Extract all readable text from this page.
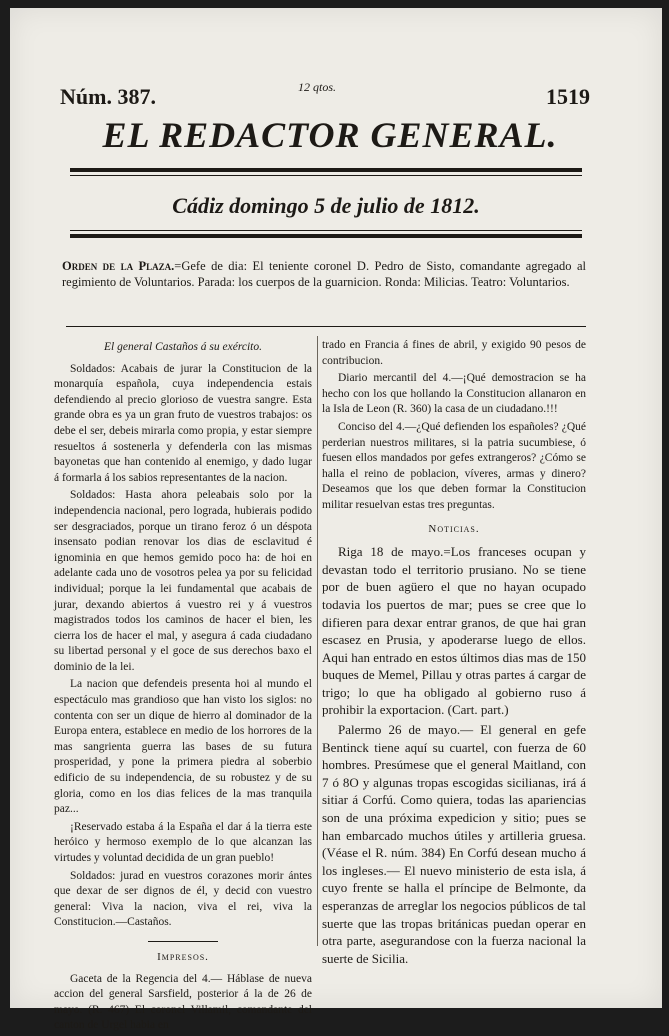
Núm. 387.	12 qtos.	1519
EL REDACTOR GENERAL.
Cádiz domingo 5 de julio de 1812.
Orden de la Plaza.=Gefe de dia: El teniente coronel D. Pedro de Sisto, comandante agregado al regimiento de Voluntarios. Parada: los cuerpos de la guarnicion. Ronda: Milicias. Teatro: Voluntarios.

El general Castaños á su exército.

Soldados: Acabais de jurar la Constitucion de la monarquía española, cuya independencia estais defendiendo al precio glorioso de vuestra sangre. Esta grande obra es ya un gran fruto de vuestros trabajos: os debe el ser, debeis mirarla como propia, y estar siempre resueltos á sostenerla y defenderla con las mismas bayonetas que han contenido al enemigo, y dado lugar á formarla á los sabios representantes de la nacion.

Soldados: Hasta ahora peleabais solo por la independencia nacional, pero lograda, hubierais podido ser desgraciados, porque un tirano feroz ó un déspota insensato podian renovar los dias de esclavitud é ignominia en que hemos gemido poco ha: de hoi en adelante cada uno de vosotros pelea ya por su felicidad individual; porque la lei fundamental que acabais de jurar, dexando abiertos á vuestro rei y á vuestros magistrados todos los caminos de hacer el bien, les cierra los de hacer el mal, y asegura á cada ciudadano su libertad personal y el goce de sus derechos baxo el dominio de la lei.

La nacion que defendeis presenta hoi al mundo el espectáculo mas grandioso que han visto los siglos: no contenta con ser un dique de hierro al dominador de la Europa entera, establece en medio de los horrores de la mas sangrienta guerra las bases de su futura prosperidad, y pone la primera piedra al soberbio edificio de su independencia, de su robustez y de su gloria, como en los dias felices de la mas tranquila paz...

¡Reservado estaba á la España el dar á la tierra este heróico y hermoso exemplo de lo que alcanzan las virtudes y voluntad decidida de un gran pueblo!

Soldados: jurad en vuestros corazones morir ántes que dexar de ser dignos de él, y decid con vuestro general: Viva la nacion, viva el rei, viva la Constitucion.—Castaños.

Impresos.

Gaceta de la Regencia del 4.— Háblase de nueva accion del general Sarsfield, posterior á la de 26 de mayo. (R. 467) El coronel Villamil, comandante del canton de Urgel habia en

trado en Francia á fines de abril, y exigido 90 pesos de contribucion.

Diario mercantil del 4.—¡Qué demostracion se ha hecho con los que hollando la Constitucion allanaron en la Isla de Leon (R. 360) la casa de un ciudadano.!!!

Conciso del 4.—¿Qué defienden los españoles? ¿Qué perderian nuestros militares, si la patria sucumbiese, ó fuesen ellos mandados por gefes extrangeros? ¿Cómo se halla el reino de poblacion, víveres, armas y dinero? Deseamos que los que deben formar la Constitucion militar resuelvan estas tres preguntas.

Noticias.

Riga 18 de mayo.=Los franceses ocupan y devastan todo el territorio prusiano. No se tiene por de buen agüero el que no hayan ocupado todavia los puertos de mar; pues se cree que lo difieren para dexar entrar granos, de que hai gran escasez en Prusia, y apoderarse luego de ellos. Aqui han entrado en estos últimos dias mas de 150 buques de Memel, Pillau y otras partes á cargar de trigo; lo que ha obligado al gobierno ruso á prohibir la exportacion. (Cart. part.)

Palermo 26 de mayo.— El general en gefe Bentinck tiene aquí su cuartel, con fuerza de 60 hombres. Presúmese que el general Maitland, con 7 ó 8O y algunas tropas escogidas sicilianas, irá á sitiar á Corfú. Como quiera, todas las apariencias son de una próxima expedicion y sitio; pues se han embarcado muchos útiles y artilleria gruesa. (Véase el R. núm. 384) En Corfú desean mucho á los ingleses.— El nuevo ministerio de esta isla, á cuyo frente se halla el príncipe de Belmonte, da esperanzas de arreglar los negocios públicos de tal suerte que las tropas británicas puedan operar en otra parte, asegurandose con la fuerza nacional la suerte de Sicilia.
